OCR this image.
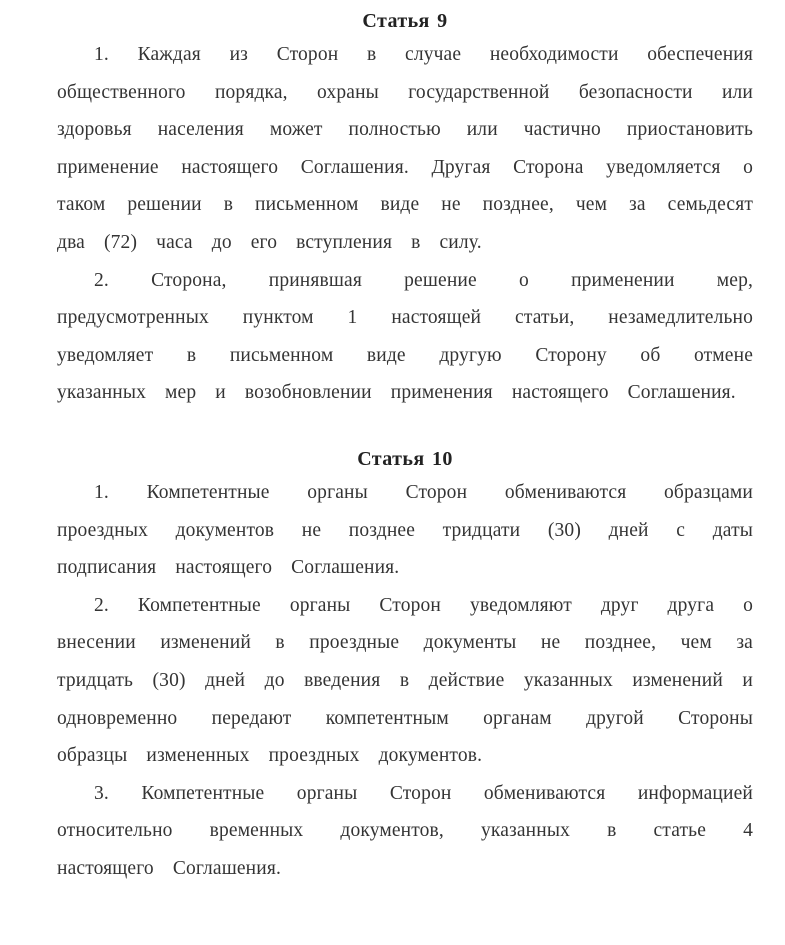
Статья 9

1. Каждая из Сторон в случае необходимости обеспечения общественного порядка, охраны государственной безопасности или здоровья населения может полностью или частично приостановить применение настоящего Соглашения. Другая Сторона уведомляется о таком решении в письменном виде не позднее, чем за семьдесят два (72) часа до его вступления в силу.

2. Сторона, принявшая решение о применении мер, предусмотренных пунктом 1 настоящей статьи, незамедлительно уведомляет в письменном виде другую Сторону об отмене указанных мер и возобновлении применения настоящего Соглашения.

Статья 10

1. Компетентные органы Сторон обмениваются образцами проездных документов не позднее тридцати (30) дней с даты подписания настоящего Соглашения.

2. Компетентные органы Сторон уведомляют друг друга о внесении изменений в проездные документы не позднее, чем за тридцать (30) дней до введения в действие указанных изменений и одновременно передают компетентным органам другой Стороны образцы измененных проездных документов.

3. Компетентные органы Сторон обмениваются информацией относительно временных документов, указанных в статье 4 настоящего Соглашения.
